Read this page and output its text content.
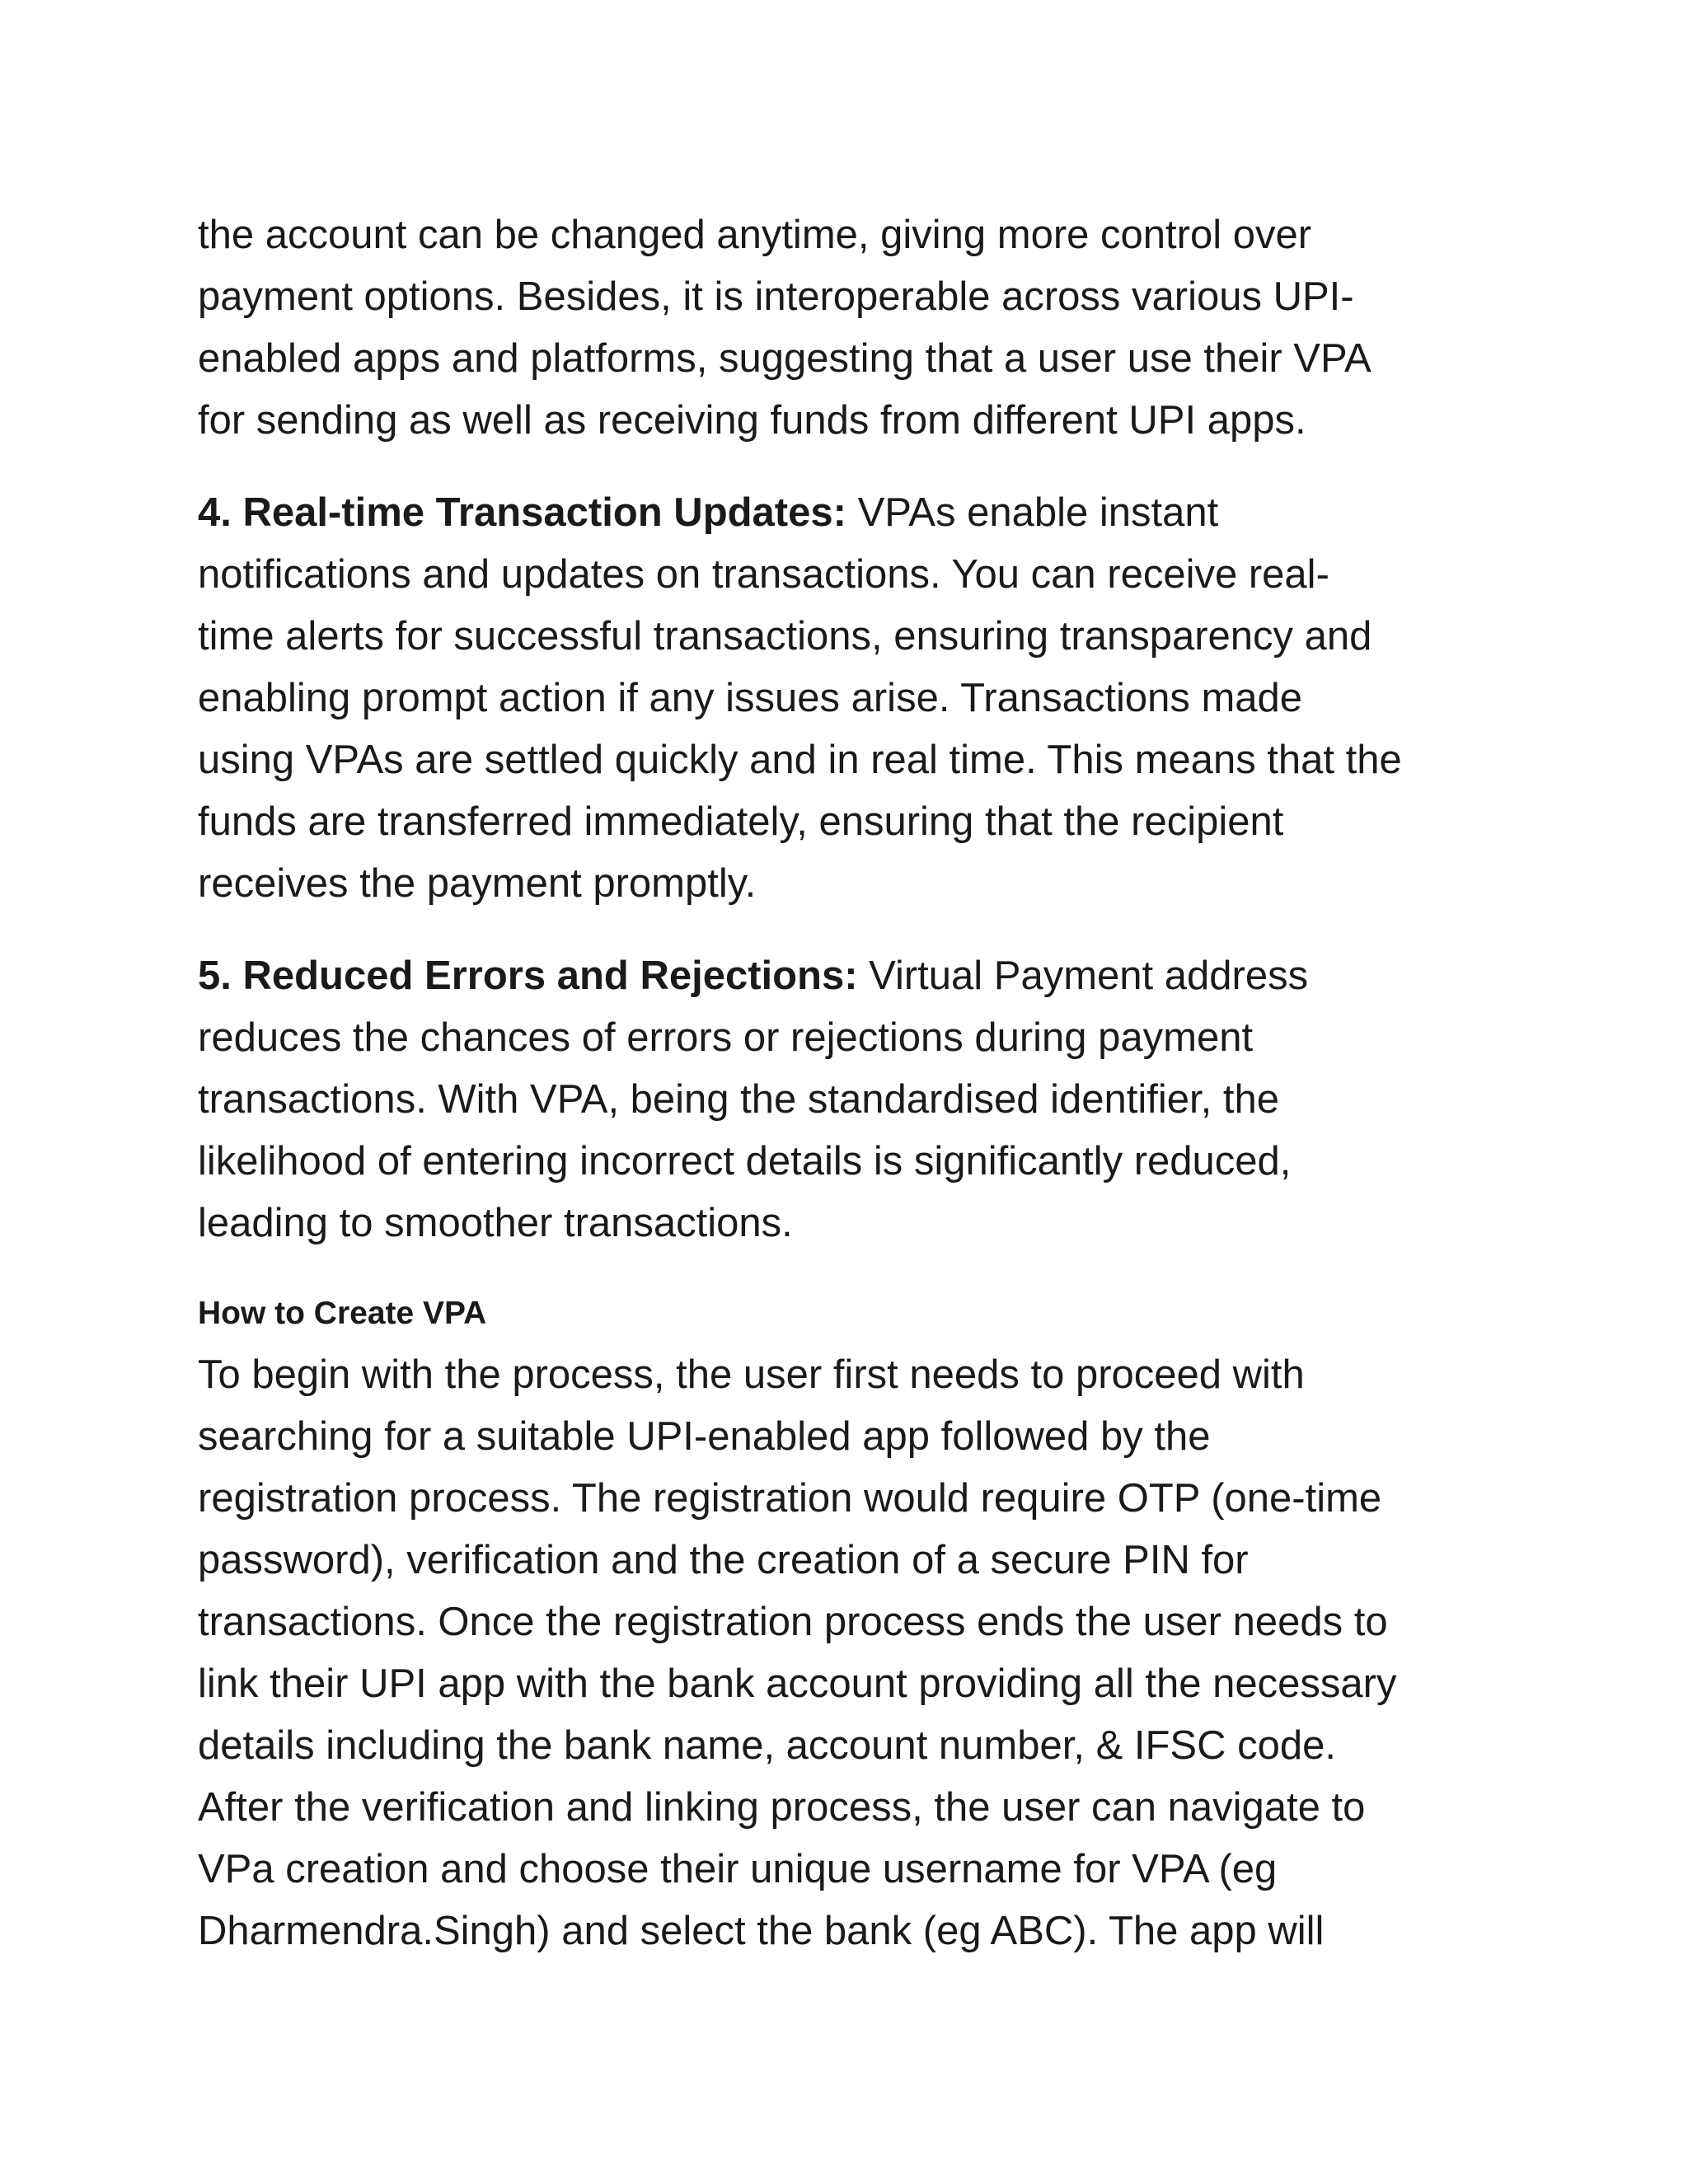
the account can be changed anytime, giving more control over
payment options. Besides, it is interoperable across various UPI-
enabled apps and platforms, suggesting that a user use their VPA
for sending as well as receiving funds from different UPI apps.

4. Real-time Transaction Updates: VPAs enable instant
notifications and updates on transactions. You can receive real-
time alerts for successful transactions, ensuring transparency and
enabling prompt action if any issues arise. Transactions made
using VPAs are settled quickly and in real time. This means that the
funds are transferred immediately, ensuring that the recipient
receives the payment promptly.

5. Reduced Errors and Rejections: Virtual Payment address
reduces the chances of errors or rejections during payment
transactions. With VPA, being the standardised identifier, the
likelihood of entering incorrect details is significantly reduced,
leading to smoother transactions.

How to Create VPA

To begin with the process, the user first needs to proceed with
searching for a suitable UPI-enabled app followed by the
registration process. The registration would require OTP (one-time
password), verification and the creation of a secure PIN for
transactions. Once the registration process ends the user needs to
link their UPI app with the bank account providing all the necessary
details including the bank name, account number, & IFSC code.
After the verification and linking process, the user can navigate to
VPa creation and choose their unique username for VPA (eg
Dharmendra.Singh) and select the bank (eg ABC). The app will
